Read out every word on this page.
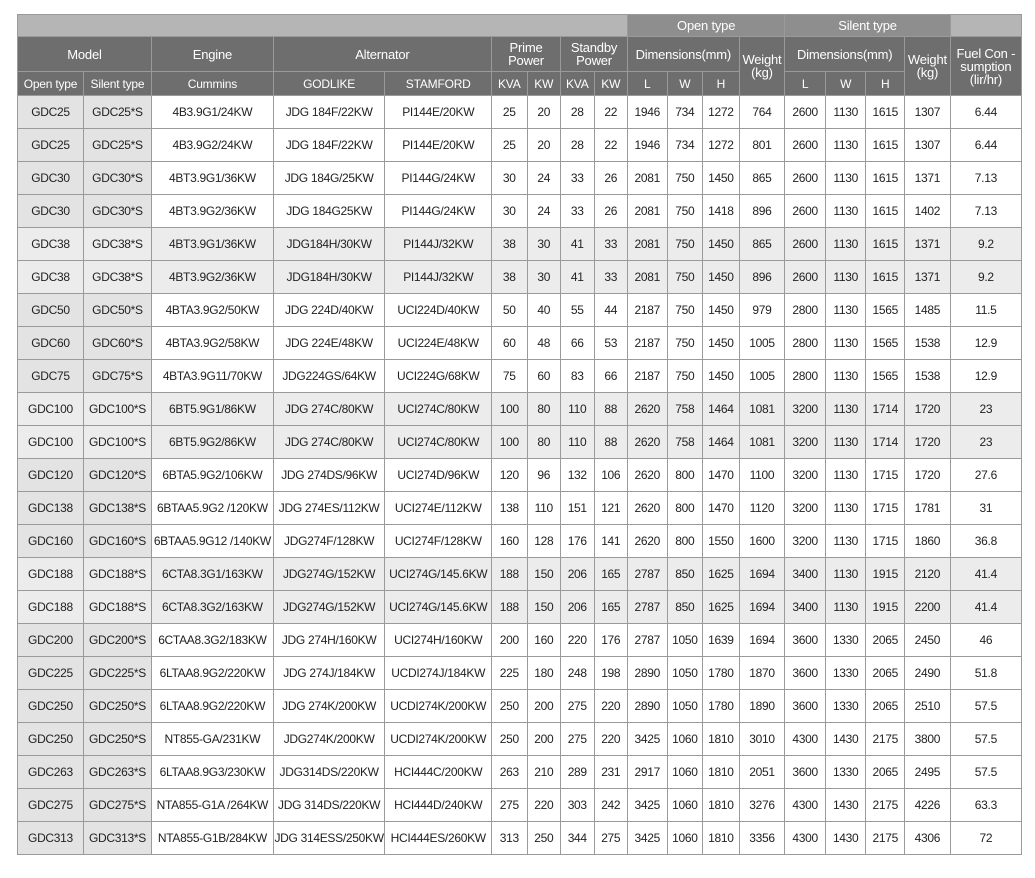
									Open type				Silent type				
Model		Engine	Alternator		Prime Power		Standby Power		Dimensions(mm)			Weight (kg)	Dimensions(mm)			Weight (kg)	Fuel Con -sumption (lir/hr)
Open type	Silent type	Cummins	GODLIKE	STAMFORD	KVA	KW	KVA	KW	L	W	H		L	W	H		
GDC25	GDC25*S	4B3.9G1/24KW	JDG 184F/22KW	PI144E/20KW	25	20	28	22	1946	734	1272	764	2600	1130	1615	1307	6.44
GDC25	GDC25*S	4B3.9G2/24KW	JDG 184F/22KW	PI144E/20KW	25	20	28	22	1946	734	1272	801	2600	1130	1615	1307	6.44
GDC30	GDC30*S	4BT3.9G1/36KW	JDG 184G/25KW	PI144G/24KW	30	24	33	26	2081	750	1450	865	2600	1130	1615	1371	7.13
GDC30	GDC30*S	4BT3.9G2/36KW	JDG 184G25KW	PI144G/24KW	30	24	33	26	2081	750	1418	896	2600	1130	1615	1402	7.13
GDC38	GDC38*S	4BT3.9G1/36KW	JDG184H/30KW	PI144J/32KW	38	30	41	33	2081	750	1450	865	2600	1130	1615	1371	9.2
GDC38	GDC38*S	4BT3.9G2/36KW	JDG184H/30KW	PI144J/32KW	38	30	41	33	2081	750	1450	896	2600	1130	1615	1371	9.2
GDC50	GDC50*S	4BTA3.9G2/50KW	JDG 224D/40KW	UCI224D/40KW	50	40	55	44	2187	750	1450	979	2800	1130	1565	1485	11.5
GDC60	GDC60*S	4BTA3.9G2/58KW	JDG 224E/48KW	UCI224E/48KW	60	48	66	53	2187	750	1450	1005	2800	1130	1565	1538	12.9
GDC75	GDC75*S	4BTA3.9G11/70KW	JDG224GS/64KW	UCI224G/68KW	75	60	83	66	2187	750	1450	1005	2800	1130	1565	1538	12.9
GDC100	GDC100*S	6BT5.9G1/86KW	JDG 274C/80KW	UCI274C/80KW	100	80	110	88	2620	758	1464	1081	3200	1130	1714	1720	23
GDC100	GDC100*S	6BT5.9G2/86KW	JDG 274C/80KW	UCI274C/80KW	100	80	110	88	2620	758	1464	1081	3200	1130	1714	1720	23
GDC120	GDC120*S	6BTA5.9G2/106KW	JDG 274DS/96KW	UCI274D/96KW	120	96	132	106	2620	800	1470	1100	3200	1130	1715	1720	27.6
GDC138	GDC138*S	6BTAA5.9G2 /120KW	JDG 274ES/112KW	UCI274E/112KW	138	110	151	121	2620	800	1470	1120	3200	1130	1715	1781	31
GDC160	GDC160*S	6BTAA5.9G12 /140KW	JDG274F/128KW	UCI274F/128KW	160	128	176	141	2620	800	1550	1600	3200	1130	1715	1860	36.8
GDC188	GDC188*S	6CTA8.3G1/163KW	JDG274G/152KW	UCI274G/145.6KW	188	150	206	165	2787	850	1625	1694	3400	1130	1915	2120	41.4
GDC188	GDC188*S	6CTA8.3G2/163KW	JDG274G/152KW	UCI274G/145.6KW	188	150	206	165	2787	850	1625	1694	3400	1130	1915	2200	41.4
GDC200	GDC200*S	6CTAA8.3G2/183KW	JDG 274H/160KW	UCI274H/160KW	200	160	220	176	2787	1050	1639	1694	3600	1330	2065	2450	46
GDC225	GDC225*S	6LTAA8.9G2/220KW	JDG 274J/184KW	UCDI274J/184KW	225	180	248	198	2890	1050	1780	1870	3600	1330	2065	2490	51.8
GDC250	GDC250*S	6LTAA8.9G2/220KW	JDG 274K/200KW	UCDI274K/200KW	250	200	275	220	2890	1050	1780	1890	3600	1330	2065	2510	57.5
GDC250	GDC250*S	NT855-GA/231KW	JDG274K/200KW	UCDI274K/200KW	250	200	275	220	3425	1060	1810	3010	4300	1430	2175	3800	57.5
GDC263	GDC263*S	6LTAA8.9G3/230KW	JDG314DS/220KW	HCI444C/200KW	263	210	289	231	2917	1060	1810	2051	3600	1330	2065	2495	57.5
GDC275	GDC275*S	NTA855-G1A /264KW	JDG 314DS/220KW	HCI444D/240KW	275	220	303	242	3425	1060	1810	3276	4300	1430	2175	4226	63.3
GDC313	GDC313*S	NTA855-G1B/284KW	JDG 314ESS/250KW	HCI444ES/260KW	313	250	344	275	3425	1060	1810	3356	4300	1430	2175	4306	72
